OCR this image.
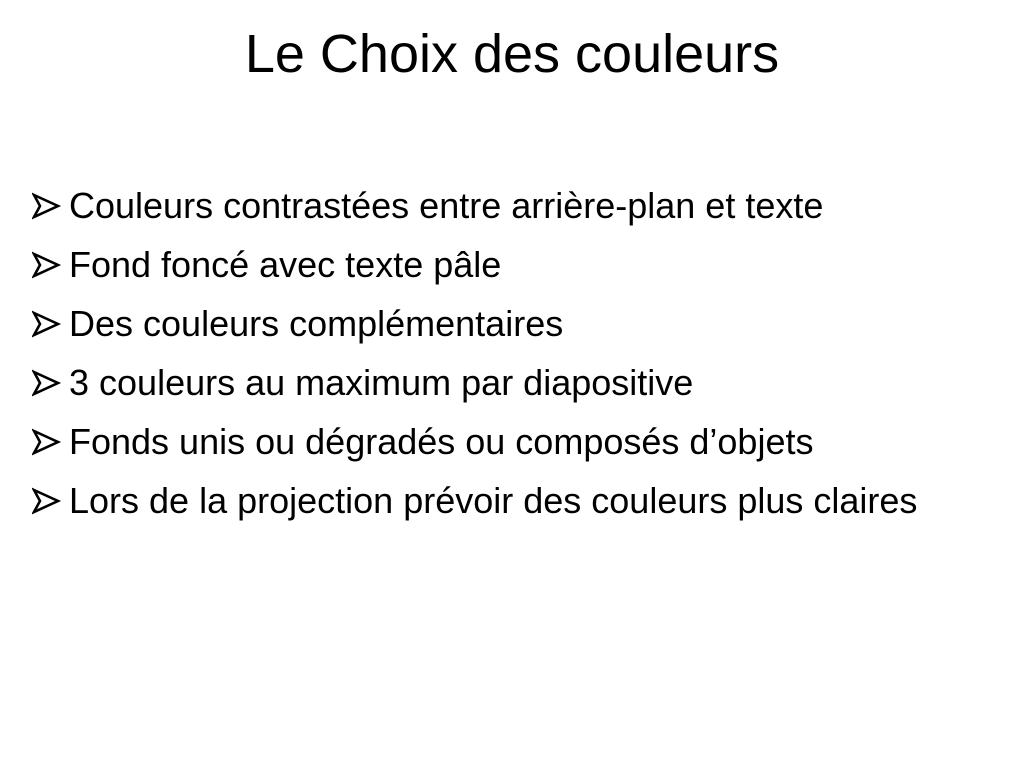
Le Choix des couleurs
Couleurs contrastées entre arrière-plan et texte
Fond foncé avec texte pâle
Des couleurs complémentaires
3 couleurs au maximum par diapositive
Fonds unis ou dégradés ou composés d’objets
Lors de la projection prévoir des couleurs plus claires
